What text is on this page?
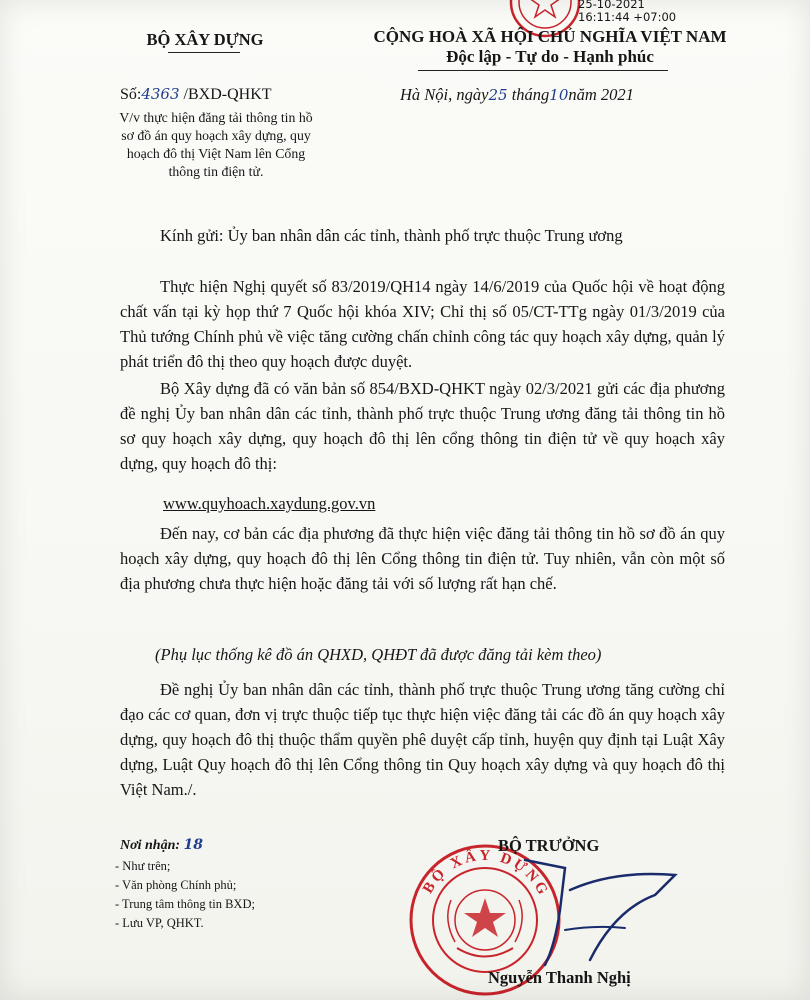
25-10-2021
16:11:44 +07:00
BỘ XÂY DỰNG	CỘNG HOÀ XÃ HỘI CHỦ NGHĨA VIỆT NAM
Độc lập - Tự do - Hạnh phúc
Số:4363 /BXD-QHKT
V/v thực hiện đăng tải thông tin hồ
sơ đồ án quy hoạch xây dựng, quy
hoạch đô thị Việt Nam lên Cổng
thông tin điện tử.
Hà Nội, ngày25 tháng10năm 2021
Kính gửi: Ủy ban nhân dân các tỉnh, thành phố trực thuộc Trung ương
Thực hiện Nghị quyết số 83/2019/QH14 ngày 14/6/2019 của Quốc hội về hoạt động chất vấn tại kỳ họp thứ 7 Quốc hội khóa XIV; Chỉ thị số 05/CT-TTg ngày 01/3/2019 của Thủ tướng Chính phủ về việc tăng cường chấn chỉnh công tác quy hoạch xây dựng, quản lý phát triển đô thị theo quy hoạch được duyệt.
Bộ Xây dựng đã có văn bản số 854/BXD-QHKT ngày 02/3/2021 gửi các địa phương đề nghị Ủy ban nhân dân các tỉnh, thành phố trực thuộc Trung ương đăng tải thông tin hồ sơ quy hoạch xây dựng, quy hoạch đô thị lên cổng thông tin điện tử về quy hoạch xây dựng, quy hoạch đô thị:
www.quyhoach.xaydung.gov.vn
Đến nay, cơ bản các địa phương đã thực hiện việc đăng tải thông tin hồ sơ đồ án quy hoạch xây dựng, quy hoạch đô thị lên Cổng thông tin điện tử. Tuy nhiên, vẫn còn một số địa phương chưa thực hiện hoặc đăng tải với số lượng rất hạn chế.
(Phụ lục thống kê đồ án QHXD, QHĐT đã được đăng tải kèm theo)
Đề nghị Ủy ban nhân dân các tỉnh, thành phố trực thuộc Trung ương tăng cường chỉ đạo các cơ quan, đơn vị trực thuộc tiếp tục thực hiện việc đăng tải các đồ án quy hoạch xây dựng, quy hoạch đô thị thuộc thẩm quyền phê duyệt cấp tỉnh, huyện quy định tại Luật Xây dựng, Luật Quy hoạch đô thị lên Cổng thông tin Quy hoạch xây dựng và quy hoạch đô thị Việt Nam./.
Nơi nhận: 18
- Như trên;
- Văn phòng Chính phủ;
- Trung tâm thông tin BXD;
- Lưu VP, QHKT.
BỘ XÂY DỰNG
BỘ TRƯỞNG
Nguyễn Thanh Nghị
